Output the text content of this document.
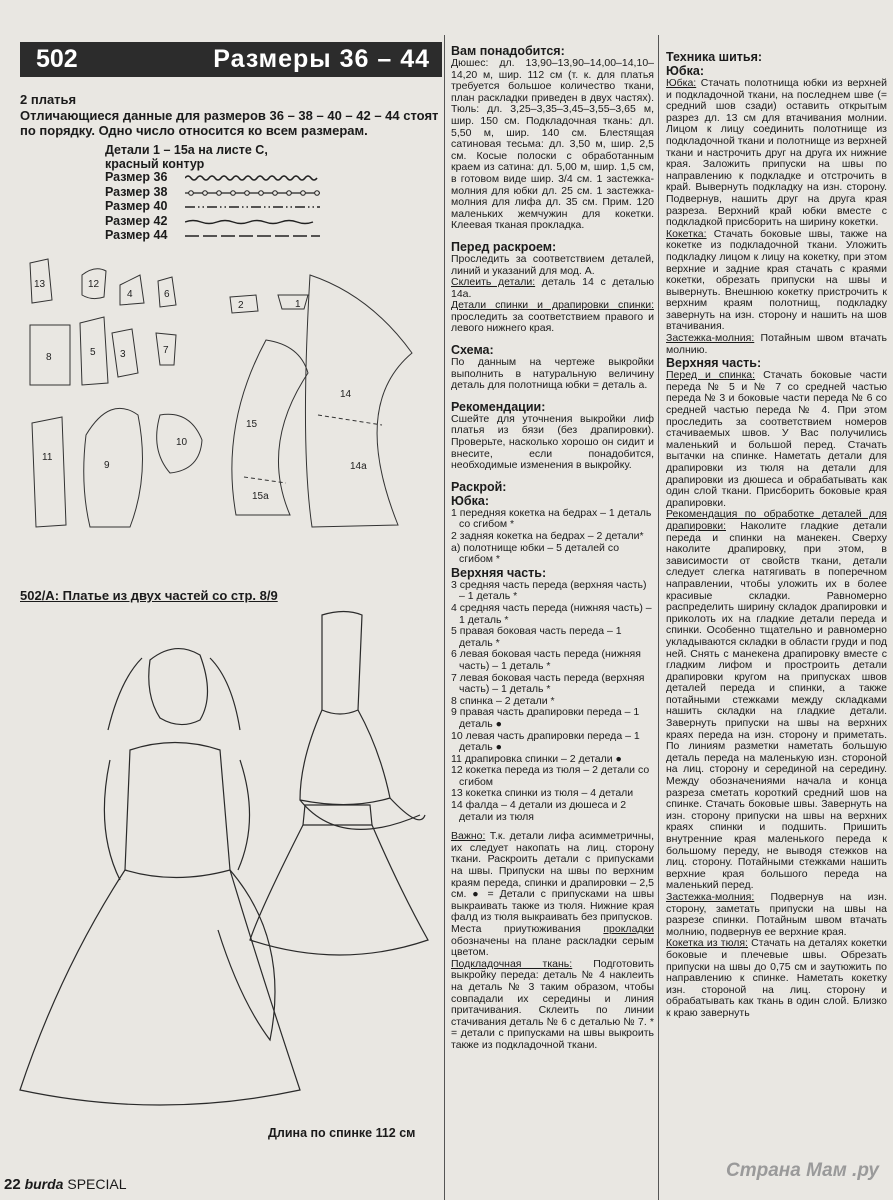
502	Размеры 36 – 44
2 платья
Отличающиеся данные для размеров 36 – 38 – 40 – 42 – 44 стоят по порядку. Одно число относится ко всем размерам.
Детали 1 – 15а на листе С,
красный контур
Размер 36
Размер 38
Размер 40
Размер 42
Размер 44
13	12
4	6
2	1
8	5 3	7
11
9
10
15
15а
14
14а
502/А: Платье из двух частей со стр. 8/9
Длина по спинке 112 см
22 burda SPECIAL
Вам понадобится:
Дюшес: дл. 13,90–13,90–14,00–14,10–14,20 м, шир. 112 см (т. к. для платья требуется большое количество ткани, план раскладки приведен в двух частях). Тюль: дл. 3,25–3,35–3,45–3,55–3,65 м, шир. 150 см. Подкладочная ткань: дл. 5,50 м, шир. 140 см. Блестящая сатиновая тесьма: дл. 3,50 м, шир. 2,5 см. Косые полоски с обработанным краем из сатина: дл. 5,00 м, шир. 1,5 см, в готовом виде шир. 3/4 см. 1 застежка-молния для юбки дл. 25 см. 1 застежка-молния для лифа дл. 35 см. Прим. 120 маленьких жемчужин для кокетки. Клеевая тканая прокладка.
Перед раскроем:

Проследить за соответствием деталей, линий и указаний для мод. А.

Склеить детали: деталь 14 с деталью 14а.

Детали спинки и драпировки спинки: проследить за соответствием правого и левого нижнего края.

Схема:
По данным на чертеже выкройки выполнить в натуральную величину деталь для полотнища юбки = деталь а.
Рекомендации:
Сшейте для уточнения выкройки лиф платья из бязи (без драпировки). Проверьте, насколько хорошо он сидит и внесите, если понадобится, необходимые изменения в выкройку.
Раскрой:
Юбка:
1 передняя кокетка на бедрах – 1 деталь со сгибом *
2 задняя кокетка на бедрах – 2 детали*
а) полотнище юбки – 5 деталей со сгибом *
Верхняя часть:
3 средняя часть переда (верхняя часть) – 1 деталь *
4 средняя часть переда (нижняя часть) – 1 деталь *
5 правая боковая часть переда – 1 деталь *
6 левая боковая часть переда (нижняя часть) – 1 деталь *
7 левая боковая часть переда (верхняя часть) – 1 деталь *
8 спинка – 2 детали *
9 правая часть драпировки переда – 1 деталь ●
10 левая часть драпировки переда – 1 деталь ●
11 драпировка спинки – 2 детали ●
12 кокетка переда из тюля – 2 детали со сгибом
13 кокетка спинки из тюля – 4 детали
14 фалда – 4 детали из дюшеса и 2 детали из тюля

Важно: Т.к. детали лифа асимметричны, их следует накопать на лиц. сторону ткани. Раскроить детали с припусками на швы. Припуски на швы по верхним краям переда, спинки и драпировки – 2,5 см. ● = Детали с припусками на швы выкраивать также из тюля. Нижние края фалд из тюля выкраивать без припусков.

Места приутюживания прокладки обозначены на плане раскладки серым цветом.

Подкладочная ткань: Подготовить выкройку переда: деталь № 4 наклеить на деталь № 3 таким образом, чтобы совпадали их середины и линия притачивания. Склеить по линии стачивания деталь № 6 с деталью № 7. * = детали с припусками на швы выкроить также из подкладочной ткани.

Техника шитья:
Юбка:

Юбка: Стачать полотнища юбки из верхней и подкладочной ткани, на последнем шве (= средний шов сзади) оставить открытым разрез дл. 13 см для втачивания молнии. Лицом к лицу соединить полотнище из подкладочной ткани и полотнище из верхней ткани и настрочить друг на друга их нижние края. Заложить припуски на швы по направлению к подкладке и отстрочить в край. Вывернуть подкладку на изн. сторону. Подвернув, нашить друг на друга края разреза. Верхний край юбки вместе с подкладкой присборить на ширину кокетки.

Кокетка: Стачать боковые швы, также на кокетке из подкладочной ткани. Уложить подкладку лицом к лицу на кокетку, при этом верхние и задние края стачать с краями кокетки, обрезать припуски на швы и вывернуть. Внешнюю кокетку пристрочить к верхним краям полотнищ, подкладку завернуть на изн. сторону и нашить на шов втачивания.

Застежка-молния: Потайным швом втачать молнию.

Верхняя часть:

Перед и спинка: Стачать боковые части переда № 5 и № 7 со средней частью переда № 3 и боковые части переда № 6 со средней частью переда № 4. При этом проследить за соответствием номеров стачиваемых швов. У Вас получились маленький и большой перед. Стачать вытачки на спинке. Наметать детали для драпировки из тюля на детали для драпировки из дюшеса и обрабатывать как один слой ткани. Присборить боковые края драпировки.

Рекомендация по обработке деталей для драпировки: Наколите гладкие детали переда и спинки на манекен. Сверху наколите драпировку, при этом, в зависимости от свойств ткани, детали следует слегка натягивать в поперечном направлении, чтобы уложить их в более красивые складки. Равномерно распределить ширину складок драпировки и приколоть их на гладкие детали переда и спинки. Особенно тщательно и равномерно укладываются складки в области груди и под ней. Снять с манекена драпировку вместе с гладким лифом и простроить детали драпировки кругом на припусках швов деталей переда и спинки, а также потайными стежками между складками нашить складки на гладкие детали. Завернуть припуски на швы на верхних краях переда на изн. сторону и приметать. По линиям разметки наметать большую деталь переда на маленькую изн. стороной на лиц. сторону и серединой на середину. Между обозначениями начала и конца разреза сметать короткий средний шов на спинке. Стачать боковые швы. Завернуть на изн. сторону припуски на швы на верхних краях спинки и подшить. Пришить внутренние края маленького переда к большому переду, не выводя стежков на лиц. сторону. Потайными стежками нашить верхние края большого переда на маленький перед.

Застежка-молния: Подвернув на изн. сторону, заметать припуски на швы на разрезе спинки. Потайным швом втачать молнию, подвернув ее верхние края.

Кокетка из тюля: Стачать на деталях кокетки боковые и плечевые швы. Обрезать припуски на швы до 0,75 см и заутюжить по направлению к спинке. Наметать кокетку изн. стороной на лиц. сторону и обрабатывать как ткань в один слой. Близко к краю завернуть

Страна Мам .ру
